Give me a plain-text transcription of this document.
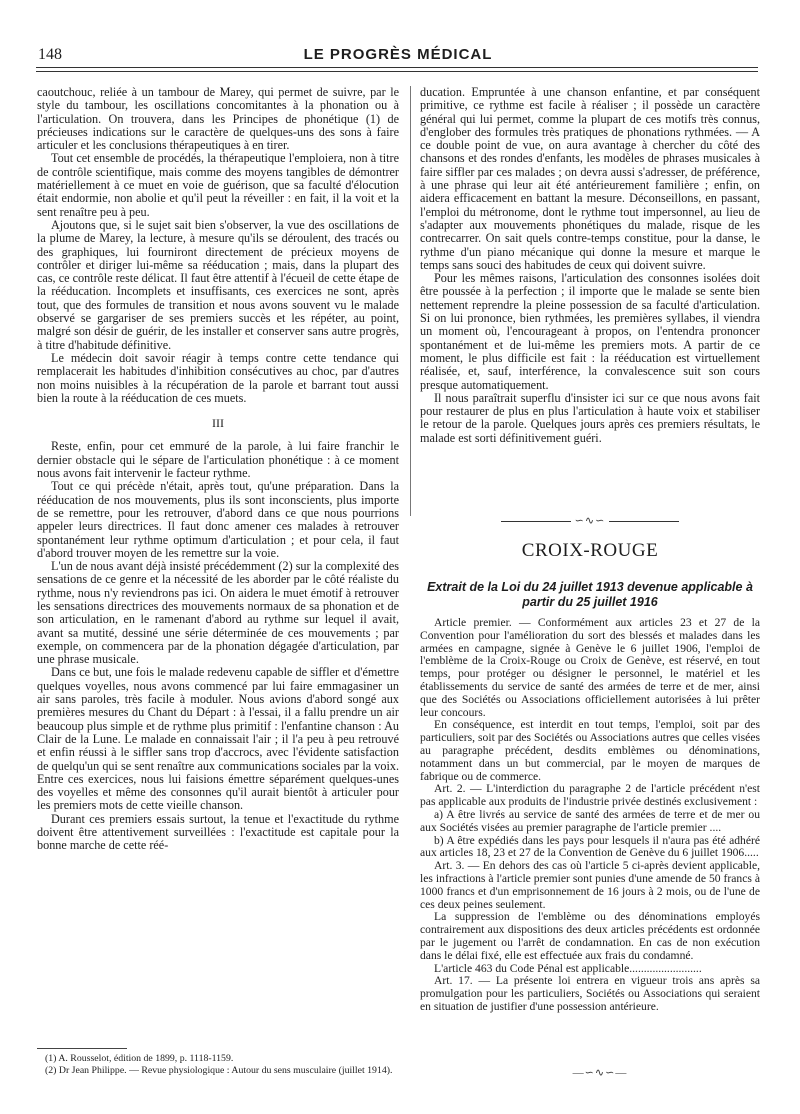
148	LE PROGRÈS MÉDICAL

caoutchouc, reliée à un tambour de Marey, qui permet de suivre, par le style du tambour, les oscillations concomitantes à la phonation ou à l'articulation. On trouvera, dans les Principes de phonétique (1) de précieuses indications sur le caractère de quelques-uns des sons à faire articuler et les conclusions thérapeutiques à en tirer.

Tout cet ensemble de procédés, la thérapeutique l'emploiera, non à titre de contrôle scientifique, mais comme des moyens tangibles de démontrer matériellement à ce muet en voie de guérison, que sa faculté d'élocution était endormie, non abolie et qu'il peut la réveiller : en fait, il la voit et la sent renaître peu à peu.

Ajoutons que, si le sujet sait bien s'observer, la vue des oscillations de la plume de Marey, la lecture, à mesure qu'ils se déroulent, des tracés ou des graphiques, lui fourniront directement de précieux moyens de contrôler et diriger lui-même sa rééducation ; mais, dans la plupart des cas, ce contrôle reste délicat. Il faut être attentif à l'écueil de cette étape de la rééducation. Incomplets et insuffisants, ces exercices ne sont, après tout, que des formules de transition et nous avons souvent vu le malade observé se gargariser de ses premiers succès et les répéter, au point, malgré son désir de guérir, de les installer et conserver sans autre progrès, à titre d'habitude définitive.

Le médecin doit savoir réagir à temps contre cette tendance qui remplacerait les habitudes d'inhibition consécutives au choc, par d'autres non moins nuisibles à la récupération de la parole et barrant tout aussi bien la route à la rééducation de ces muets.

III

Reste, enfin, pour cet emmuré de la parole, à lui faire franchir le dernier obstacle qui le sépare de l'articulation phonétique : à ce moment nous avons fait intervenir le facteur rythme.

Tout ce qui précède n'était, après tout, qu'une préparation. Dans la rééducation de nos mouvements, plus ils sont inconscients, plus importe de se remettre, pour les retrouver, d'abord dans ce que nous pourrions appeler leurs directrices. Il faut donc amener ces malades à retrouver spontanément leur rythme optimum d'articulation ; et pour cela, il faut d'abord trouver moyen de les remettre sur la voie.

L'un de nous avant déjà insisté précédemment (2) sur la complexité des sensations de ce genre et la nécessité de les aborder par le côté réaliste du rythme, nous n'y reviendrons pas ici. On aidera le muet émotif à retrouver les sensations directrices des mouvements normaux de sa phonation et de son articulation, en le ramenant d'abord au rythme sur lequel il avait, avant sa mutité, dessiné une série déterminée de ces mouvements ; par exemple, on commencera par de la phonation dégagée d'articulation, par une phrase musicale.

Dans ce but, une fois le malade redevenu capable de siffler et d'émettre quelques voyelles, nous avons commencé par lui faire emmagasiner un air sans paroles, très facile à moduler. Nous avions d'abord songé aux premières mesures du Chant du Départ : à l'essai, il a fallu prendre un air beaucoup plus simple et de rythme plus primitif : l'enfantine chanson : Au Clair de la Lune. Le malade en connaissait l'air ; il l'a peu à peu retrouvé et enfin réussi à le siffler sans trop d'accrocs, avec l'évidente satisfaction de quelqu'un qui se sent renaître aux communications sociales par la voix. Entre ces exercices, nous lui faisions émettre séparément quelques-unes des voyelles et même des consonnes qu'il aurait bientôt à articuler pour les premiers mots de cette vieille chanson.

Durant ces premiers essais surtout, la tenue et l'exactitude du rythme doivent être attentivement surveillées : l'exactitude est capitale pour la bonne marche de cette réé-

(1) A. Rousselot, édition de 1899, p. 1118-1159.

(2) Dr Jean Philippe. — Revue physiologique : Autour du sens musculaire (juillet 1914).

ducation. Empruntée à une chanson enfantine, et par conséquent primitive, ce rythme est facile à réaliser ; il possède un caractère général qui lui permet, comme la plupart de ces motifs très connus, d'englober des formules très pratiques de phonations rythmées. — A ce double point de vue, on aura avantage à chercher du côté des chansons et des rondes d'enfants, les modèles de phrases musicales à faire siffler par ces malades ; on devra aussi s'adresser, de préférence, à une phrase qui leur ait été antérieurement familière ; enfin, on aidera efficacement en battant la mesure. Déconseillons, en passant, l'emploi du métronome, dont le rythme tout impersonnel, au lieu de s'adapter aux mouvements phonétiques du malade, risque de les contrecarrer. On sait quels contre-temps constitue, pour la danse, le rythme d'un piano mécanique qui donne la mesure et marque le temps sans souci des habitudes de ceux qui doivent suivre.

Pour les mêmes raisons, l'articulation des consonnes isolées doit être poussée à la perfection ; il importe que le malade se sente bien nettement reprendre la pleine possession de sa faculté d'articulation. Si on lui prononce, bien rythmées, les premières syllabes, il viendra un moment où, l'encourageant à propos, on l'entendra prononcer spontanément et de lui-même les premiers mots. A partir de ce moment, le plus difficile est fait : la rééducation est virtuellement réalisée, et, sauf, interférence, la convalescence suit son cours presque automatiquement.

Il nous paraîtrait superflu d'insister ici sur ce que nous avons fait pour restaurer de plus en plus l'articulation à haute voix et stabiliser le retour de la parole. Quelques jours après ces premiers résultats, le malade est sorti définitivement guéri.

∽∿∽
CROIX-ROUGE
Extrait de la Loi du 24 juillet 1913 devenue applicable à partir du 25 juillet 1916

Article premier. — Conformément aux articles 23 et 27 de la Convention pour l'amélioration du sort des blessés et malades dans les armées en campagne, signée à Genève le 6 juillet 1906, l'emploi de l'emblème de la Croix-Rouge ou Croix de Genève, est réservé, en tout temps, pour protéger ou désigner le personnel, le matériel et les établissements du service de santé des armées de terre et de mer, ainsi que des Sociétés ou Associations officiellement autorisées à lui prêter leur concours.

En conséquence, est interdit en tout temps, l'emploi, soit par des particuliers, soit par des Sociétés ou Associations autres que celles visées au paragraphe précédent, desdits emblèmes ou dénominations, notamment dans un but commercial, par le moyen de marques de fabrique ou de commerce.

Art. 2. — L'interdiction du paragraphe 2 de l'article précédent n'est pas applicable aux produits de l'industrie privée destinés exclusivement :

a) A être livrés au service de santé des armées de terre et de mer ou aux Sociétés visées au premier paragraphe de l'article premier ....

b) A être expédiés dans les pays pour lesquels il n'aura pas été adhéré aux articles 18, 23 et 27 de la Convention de Genève du 6 juillet 1906.....

Art. 3. — En dehors des cas où l'article 5 ci-après devient applicable, les infractions à l'article premier sont punies d'une amende de 50 francs à 1000 francs et d'un emprisonnement de 16 jours à 2 mois, ou de l'une de ces deux peines seulement.

La suppression de l'emblème ou des dénominations employés contrairement aux dispositions des deux articles précédents est ordonnée par le jugement ou l'arrêt de condamnation. En cas de non exécution dans le délai fixé, elle est effectuée aux frais du condamné.

L'article 463 du Code Pénal est applicable.........................

Art. 17. — La présente loi entrera en vigueur trois ans après sa promulgation pour les particuliers, Sociétés ou Associations qui seraient en situation de justifier d'une possession antérieure.

—∽∿∽—
